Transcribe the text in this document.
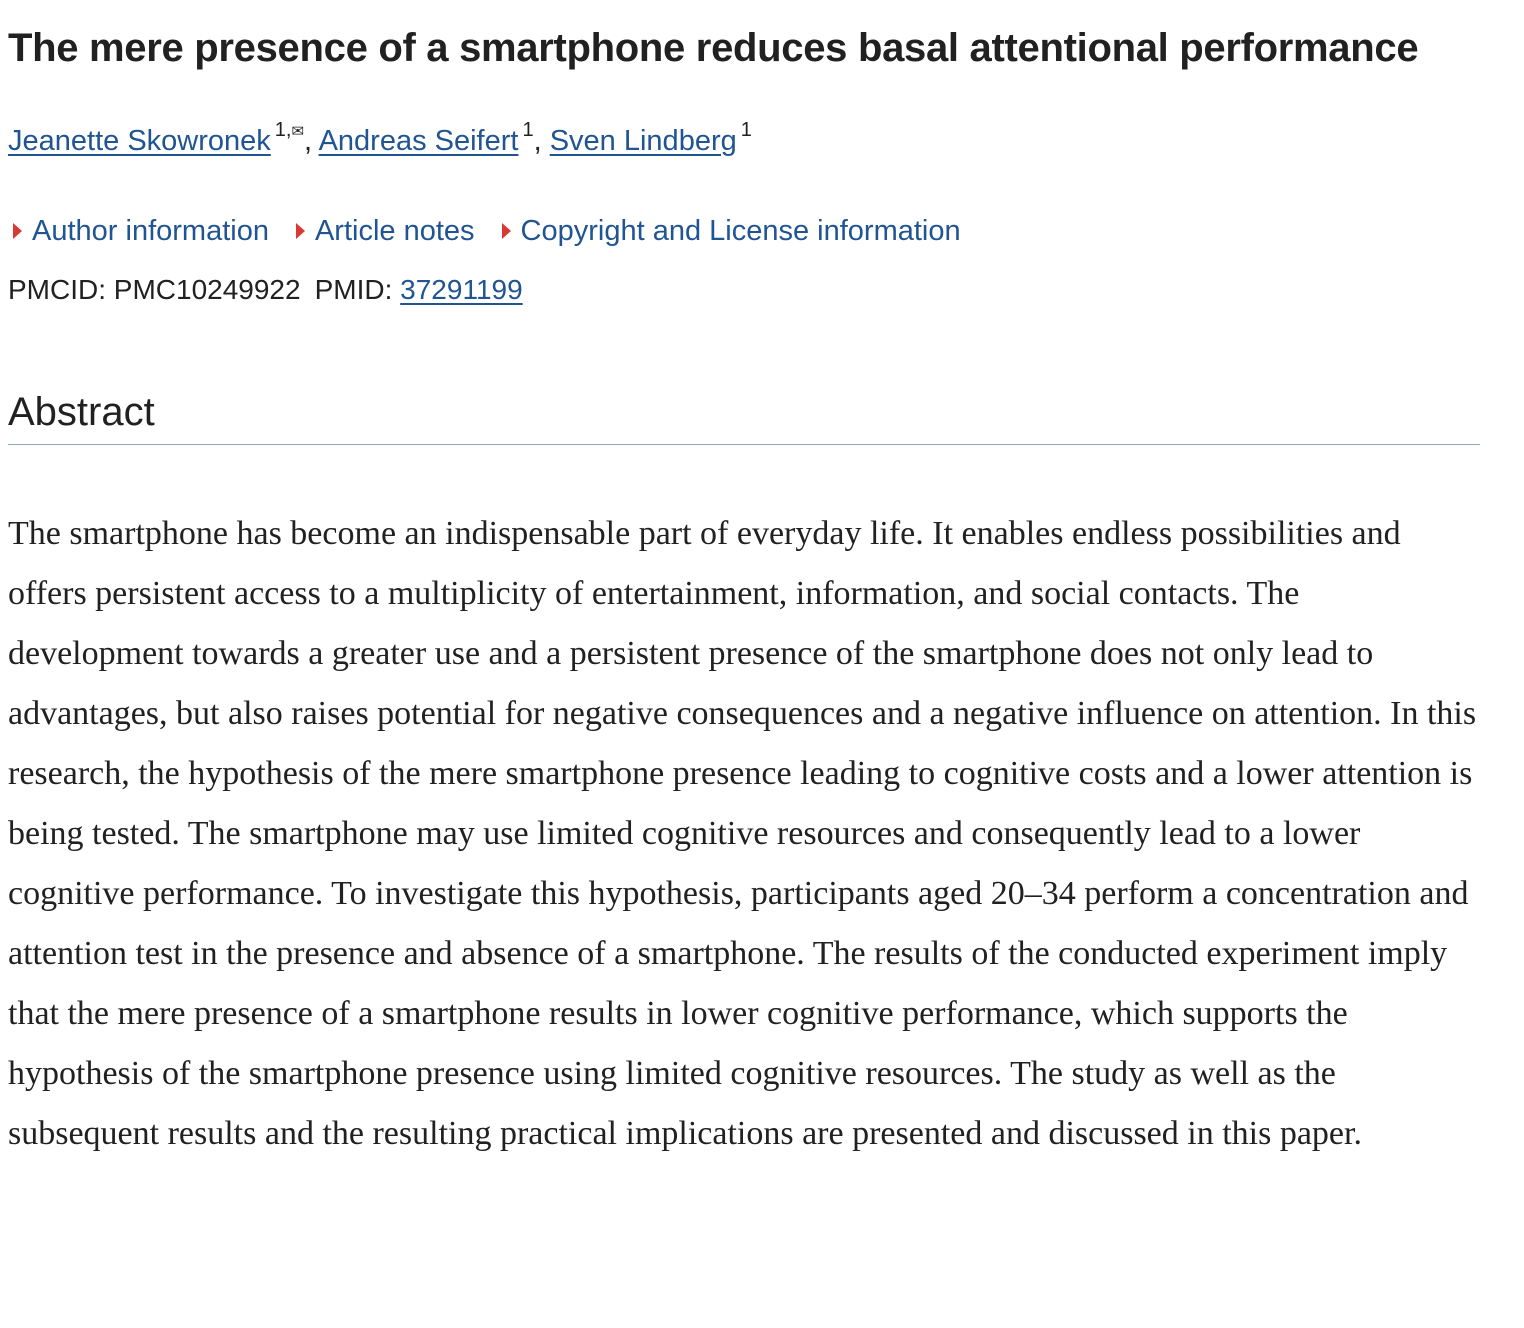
The mere presence of a smartphone reduces basal attentional performance
Jeanette Skowronek $^{1,✉}$, Andreas Seifert $^1$, Sven Lindberg $^1$
Author information Article notes Copyright and License information
PMCID: PMC10249922 PMID: 37291199
Abstract

The smartphone has become an indispensable part of everyday life. It enables endless possibilities and offers persistent access to a multiplicity of entertainment, information, and social contacts. The development towards a greater use and a persistent presence of the smartphone does not only lead to advantages, but also raises potential for negative consequences and a negative influence on attention. In this research, the hypothesis of the mere smartphone presence leading to cognitive costs and a lower attention is being tested. The smartphone may use limited cognitive resources and consequently lead to a lower cognitive performance. To investigate this hypothesis, participants aged 20–34 perform a concentration and attention test in the presence and absence of a smartphone. The results of the conducted experiment imply that the mere presence of a smartphone results in lower cognitive performance, which supports the hypothesis of the smartphone presence using limited cognitive resources. The study as well as the subsequent results and the resulting practical implications are presented and discussed in this paper.
